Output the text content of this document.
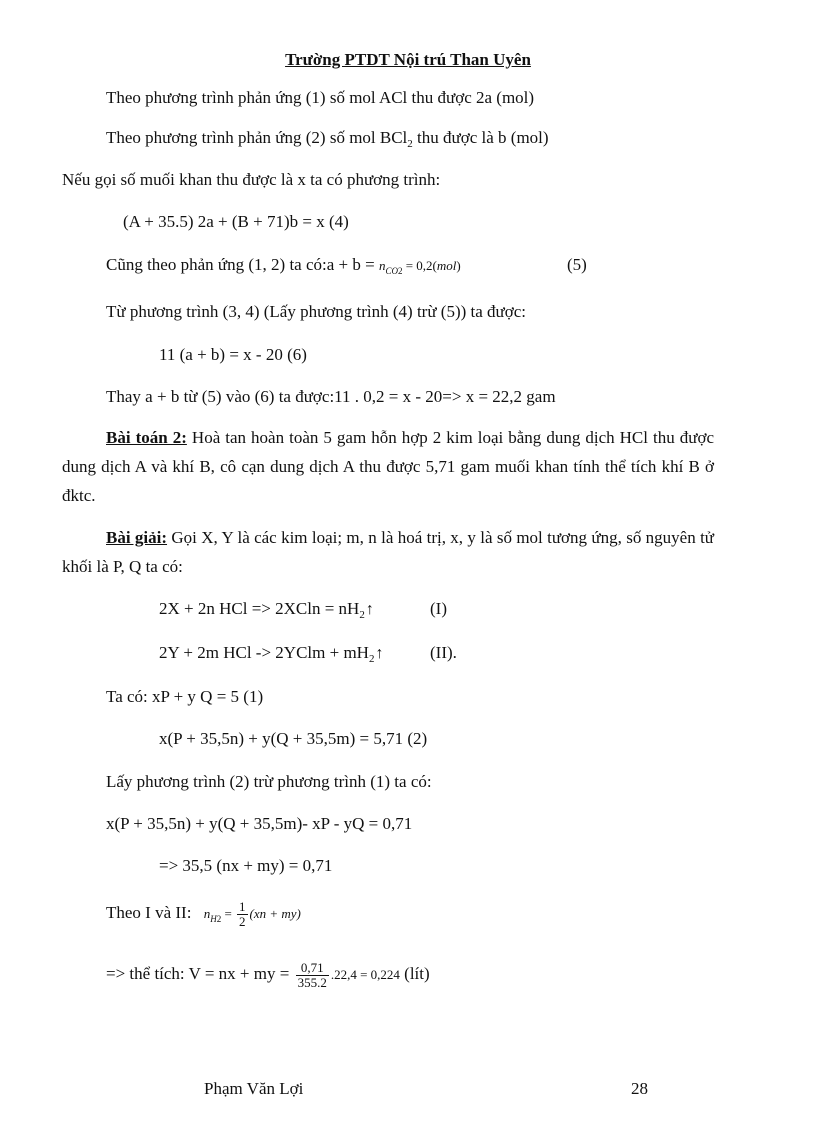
Trường PTDT Nội trú Than Uyên
Theo phương trình phản ứng (1) số mol ACl thu được 2a (mol)
Theo phương trình phản ứng (2) số mol BCl$_2$ thu được là b (mol)
Nếu gọi số muối khan thu được là x ta có phương trình:
(A + 35.5) 2a + (B + 71)b = x (4)
Cũng theo phản ứng (1, 2) ta có:a + $b = n_{CO2} = 0,2(mol)$	(5)
Từ phương trình (3, 4) (Lấy phương trình (4) trừ (5)) ta được:
11 (a + b) = x - 20 (6)
Thay a + b từ (5) vào (6) ta được:11 . 0,2 = x - 20=> x = 22,2 gam
Bài toán 2: Hoà tan hoàn toàn 5 gam hỗn hợp 2 kim loại bằng dung dịch HCl thu được dung dịch A và khí B, cô cạn dung dịch A thu được 5,71 gam muối khan tính thể tích khí B ở đktc.
Bài giải: Gọi X, Y là các kim loại; m, n là hoá trị, x, y là số mol tương ứng, số nguyên tử khối là P, Q ta có:
2X + 2n HCl => $2XCln = nH_2↑$	(I)
2Y + 2m HCl -> 2YClm + $mH_2↑$	(II).
Ta có: xP + y Q = 5 (1)
x(P + 35,5n) + y(Q + 35,5m) = 5,71 (2)
Lấy phương trình (2) trừ phương trình (1) ta có:
x(P + 35,5n) + y(Q + 35,5m)- xP - yQ = 0,71
=> 35,5 (nx + my) = 0,71
Theo I và II: $n_{H2} = \frac{1}{2} (xn + my)$
=> thể tích: V = nx + my = $\frac{0,71}{355.2} .22,4 = 0,224$ (lít)
Phạm Văn Lợi	28
